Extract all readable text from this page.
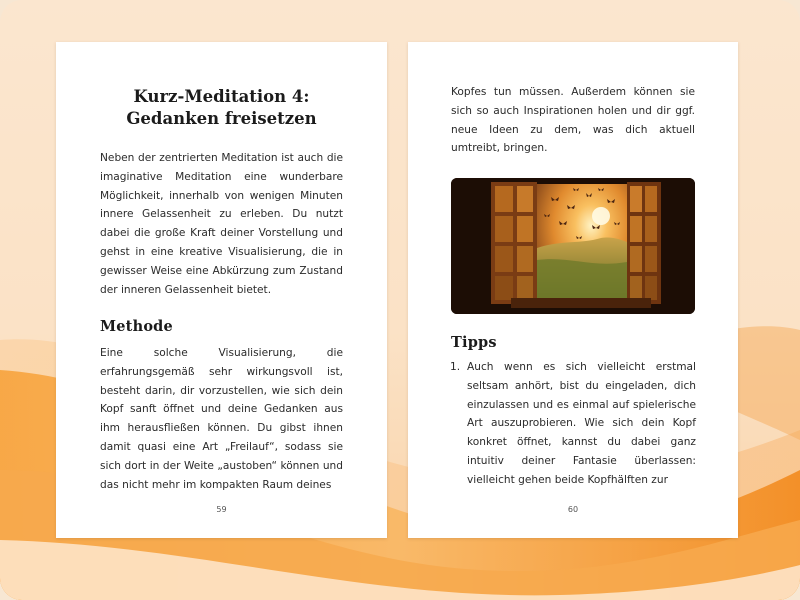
Kurz-Meditation 4: Gedanken freisetzen

Neben der zentrierten Meditation ist auch die imaginative Meditation eine wunderbare Möglichkeit, innerhalb von wenigen Minuten innere Gelassenheit zu erleben. Du nutzt dabei die große Kraft deiner Vorstellung und gehst in eine kreative Visualisierung, die in gewisser Weise eine Abkürzung zum Zustand der inneren Gelassenheit bietet.

Methode

Eine solche Visualisierung, die erfahrungsgemäß sehr wirkungsvoll ist, besteht darin, dir vorzustellen, wie sich dein Kopf sanft öffnet und deine Gedanken aus ihm herausfließen können. Du gibst ihnen damit quasi eine Art „Freilauf“, sodass sie sich dort in der Weite „austoben“ können und das nicht mehr im kompakten Raum deines

59

Kopfes tun müssen. Außerdem können sie sich so auch Inspirationen holen und dir ggf. neue Ideen zu dem, was dich aktuell umtreibt, bringen.

Tipps
1. Auch wenn es sich vielleicht erstmal seltsam anhört, bist du eingeladen, dich einzulassen und es einmal auf spielerische Art auszuprobieren. Wie sich dein Kopf konkret öffnet, kannst du dabei ganz intuitiv deiner Fantasie überlassen: vielleicht gehen beide Kopfhälften zur
60
